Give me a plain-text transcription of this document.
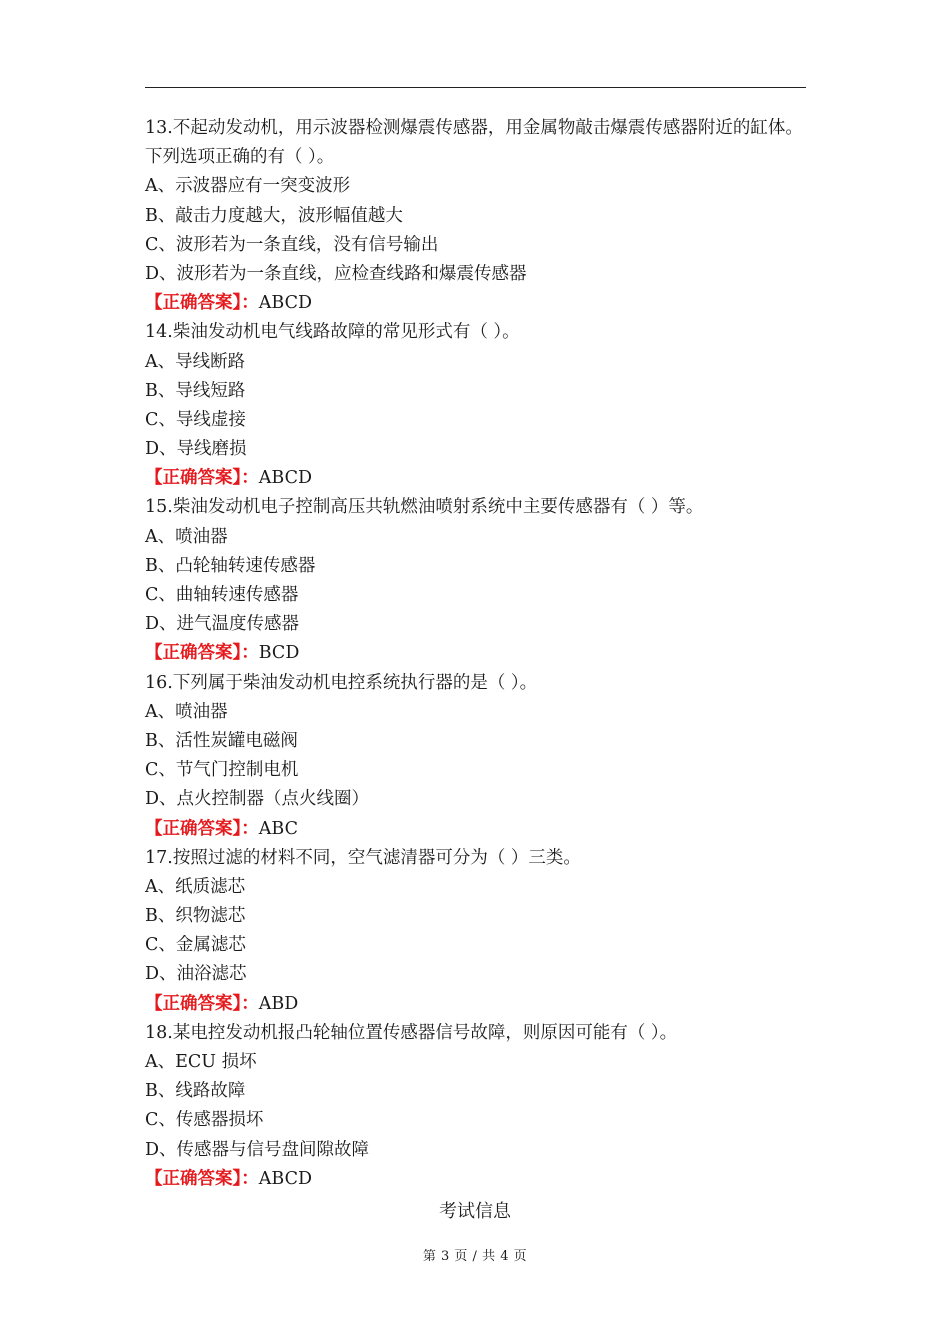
13.不起动发动机，用示波器检测爆震传感器，用金属物敲击爆震传感器附近的缸体。下列选项正确的有（ ）。
A、示波器应有一突变波形
B、敲击力度越大，波形幅值越大
C、波形若为一条直线，没有信号输出
D、波形若为一条直线，应检查线路和爆震传感器
【正确答案】：ABCD
14.柴油发动机电气线路故障的常见形式有（ ）。
A、导线断路
B、导线短路
C、导线虚接
D、导线磨损
【正确答案】：ABCD
15.柴油发动机电子控制高压共轨燃油喷射系统中主要传感器有（ ）等。
A、喷油器
B、凸轮轴转速传感器
C、曲轴转速传感器
D、进气温度传感器
【正确答案】：BCD
16.下列属于柴油发动机电控系统执行器的是（ ）。
A、喷油器
B、活性炭罐电磁阀
C、节气门控制电机
D、点火控制器（点火线圈）
【正确答案】：ABC
17.按照过滤的材料不同，空气滤清器可分为（ ）三类。
A、纸质滤芯
B、织物滤芯
C、金属滤芯
D、油浴滤芯
【正确答案】：ABD
18.某电控发动机报凸轮轴位置传感器信号故障，则原因可能有（ ）。
A、ECU 损坏
B、线路故障
C、传感器损坏
D、传感器与信号盘间隙故障
【正确答案】：ABCD
考试信息
第 3 页 / 共 4 页
